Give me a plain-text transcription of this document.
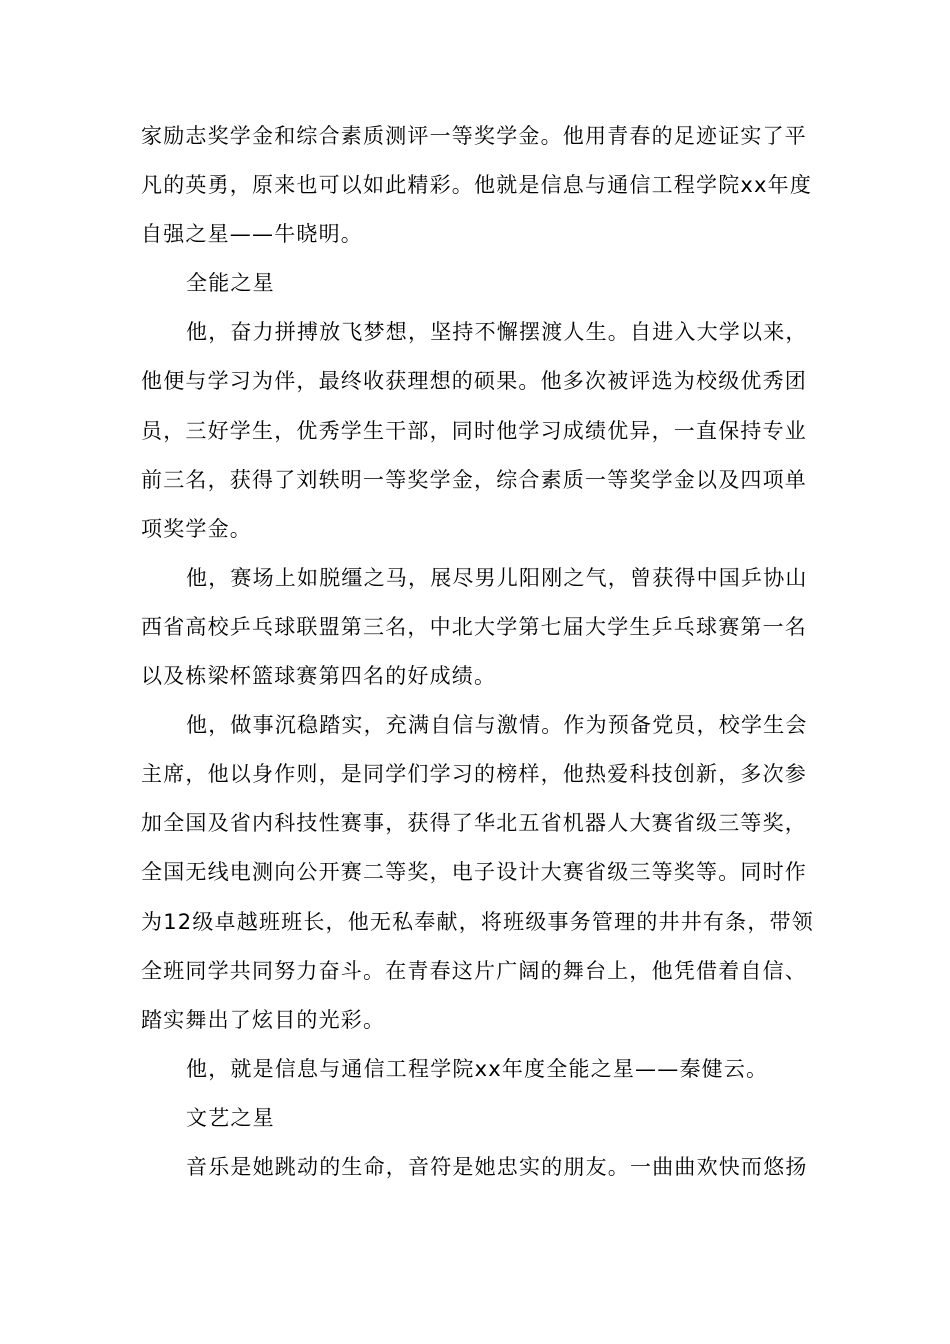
家励志奖学金和综合素质测评一等奖学金。他用青春的足迹证实了平
凡的英勇，原来也可以如此精彩。他就是信息与通信工程学院xx年度
自强之星——牛晓明。
全能之星
他，奋力拼搏放飞梦想，坚持不懈摆渡人生。自进入大学以来，
他便与学习为伴，最终收获理想的硕果。他多次被评选为校级优秀团
员，三好学生，优秀学生干部，同时他学习成绩优异，一直保持专业
前三名，获得了刘轶明一等奖学金，综合素质一等奖学金以及四项单
项奖学金。
他，赛场上如脱缰之马，展尽男儿阳刚之气，曾获得中国乒协山
西省高校乒乓球联盟第三名，中北大学第七届大学生乒乓球赛第一名
以及栋梁杯篮球赛第四名的好成绩。
他，做事沉稳踏实，充满自信与激情。作为预备党员，校学生会
主席，他以身作则，是同学们学习的榜样，他热爱科技创新，多次参
加全国及省内科技性赛事，获得了华北五省机器人大赛省级三等奖，
全国无线电测向公开赛二等奖，电子设计大赛省级三等奖等。同时作
为12级卓越班班长，他无私奉献，将班级事务管理的井井有条，带领
全班同学共同努力奋斗。在青春这片广阔的舞台上，他凭借着自信、
踏实舞出了炫目的光彩。
他，就是信息与通信工程学院xx年度全能之星——秦健云。
文艺之星
音乐是她跳动的生命，音符是她忠实的朋友。一曲曲欢快而悠扬
